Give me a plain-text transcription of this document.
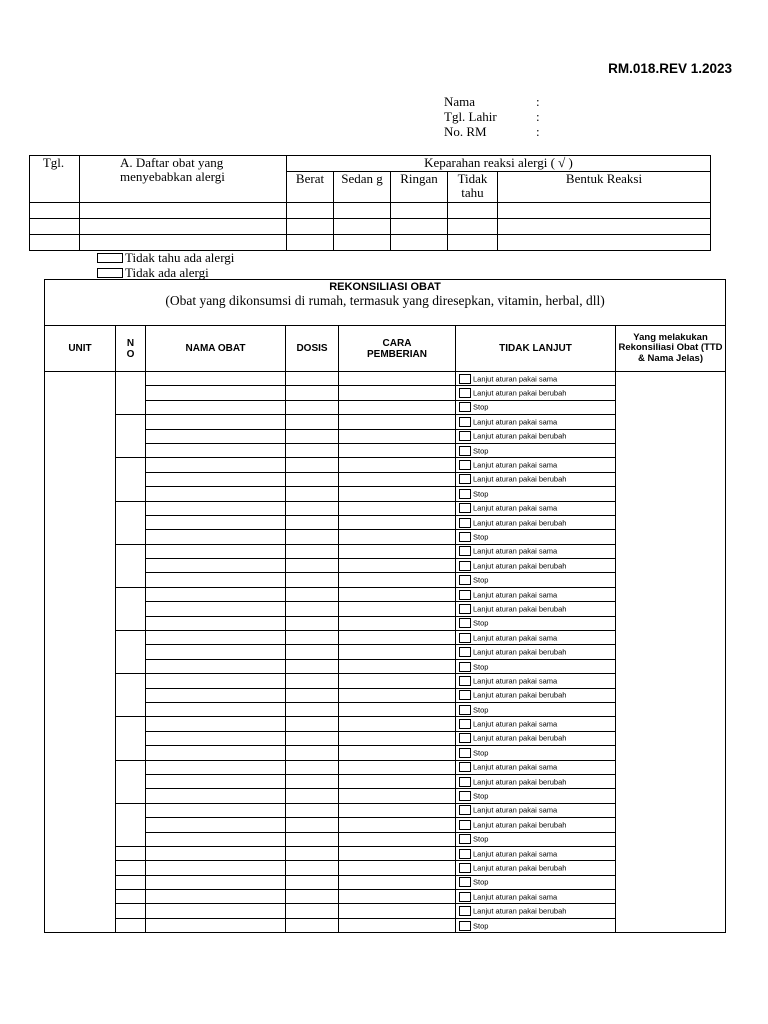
RM.018.REV 1.2023
Nama	:
Tgl. Lahir	:
No. RM	:
Tgl.	A. Daftar obat yang menyebabkan alergi	Keparahan reaksi alergi ( √ )				
		Berat	Sedan g	Ringan	Tidak tahu	Bentuk Reaksi

Tidak tahu ada alergi
Tidak ada alergi
REKONSILIASI OBAT
(Obat yang dikonsumsi di rumah, termasuk yang diresepkan, vitamin, herbal, dll)						

UNIT	N O	NAMA OBAT	DOSIS	CARA PEMBERIAN	TIDAK LANJUT	Yang melakukan Rekonsiliasi Obat (TTD & Nama Jelas)
					Lanjut aturan pakai sama	
					Lanjut aturan pakai berubah	
					Stop	
					Lanjut aturan pakai sama	
					Lanjut aturan pakai berubah	
					Stop	
					Lanjut aturan pakai sama	
					Lanjut aturan pakai berubah	
					Stop	
					Lanjut aturan pakai sama	
					Lanjut aturan pakai berubah	
					Stop	
					Lanjut aturan pakai sama	
					Lanjut aturan pakai berubah	
					Stop	
					Lanjut aturan pakai sama	
					Lanjut aturan pakai berubah	
					Stop	
					Lanjut aturan pakai sama	
					Lanjut aturan pakai berubah	
					Stop	
					Lanjut aturan pakai sama	
					Lanjut aturan pakai berubah	
					Stop	
					Lanjut aturan pakai sama	
					Lanjut aturan pakai berubah	
					Stop	
					Lanjut aturan pakai sama	
					Lanjut aturan pakai berubah	
					Stop	
					Lanjut aturan pakai sama	
					Lanjut aturan pakai berubah	
					Stop	
					Lanjut aturan pakai sama	
					Lanjut aturan pakai berubah	
					Stop	
					Lanjut aturan pakai sama	
					Lanjut aturan pakai berubah	
					Stop	
